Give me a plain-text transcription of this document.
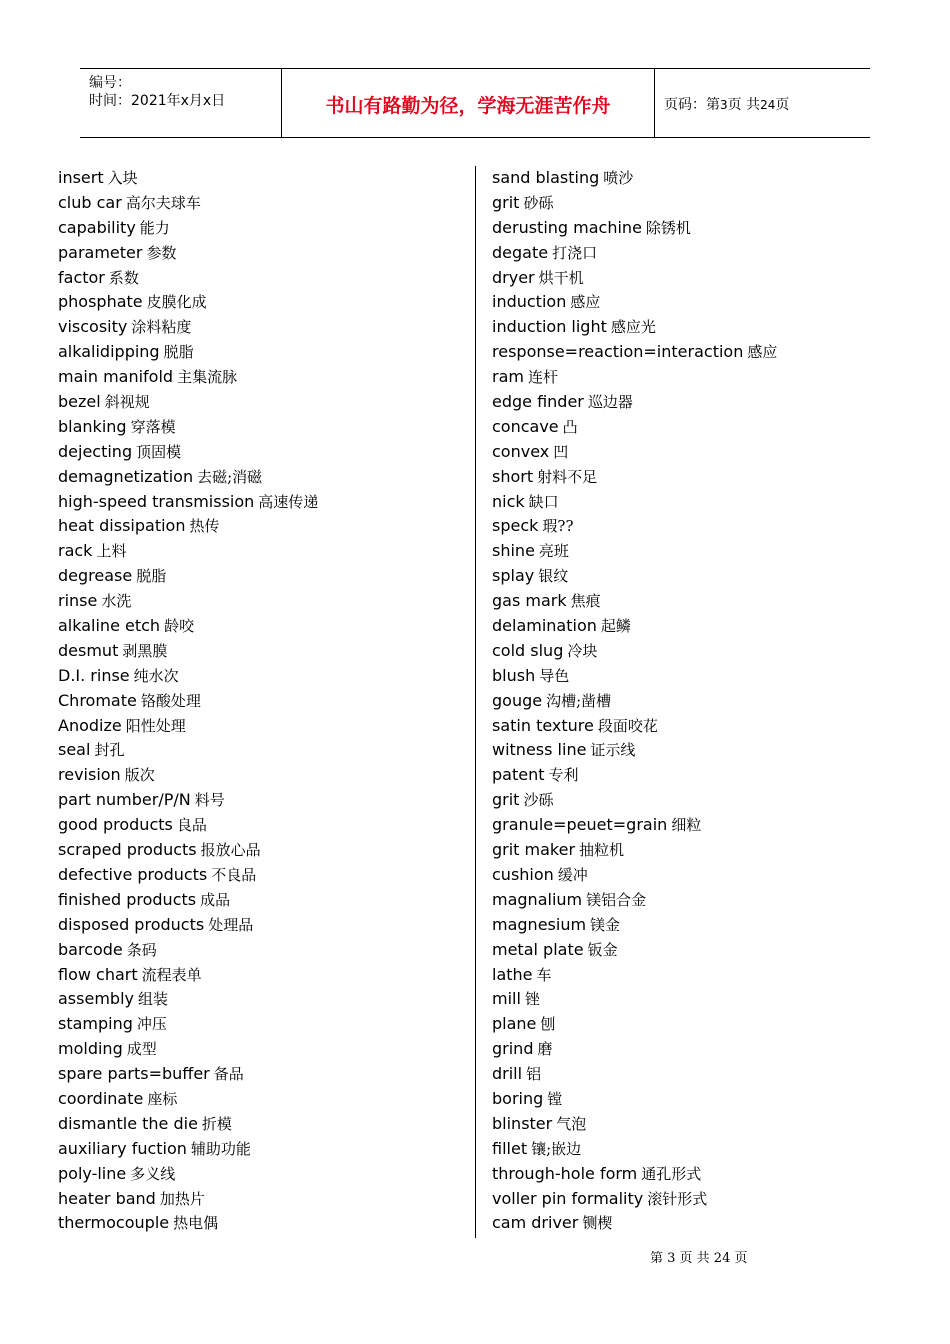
编号：
时间：2021年x月x日	书山有路勤为径，学海无涯苦作舟	页码：第3页 共24页
insert 入块
club car 高尔夫球车
capability 能力
parameter 参数
factor 系数
phosphate 皮膜化成
viscosity 涂料粘度
alkalidipping 脱脂
main manifold 主集流脉
bezel 斜视规
blanking 穿落模
dejecting 顶固模
demagnetization 去磁;消磁
high-speed transmission 高速传递
heat dissipation 热传
rack 上料
degrease 脱脂
rinse 水洗
alkaline etch 龄咬
desmut 剥黑膜
D.I. rinse 纯水次
Chromate 铬酸处理
Anodize 阳性处理
seal 封孔
revision 版次
part number/P/N 料号
good products 良品
scraped products 报放心品
defective products 不良品
finished products 成品
disposed products 处理品
barcode 条码
flow chart 流程表单
assembly 组装
stamping 冲压
molding 成型
spare parts=buffer 备品
coordinate 座标
dismantle the die 折模
auxiliary fuction 辅助功能
poly-line 多义线
heater band 加热片
thermocouple 热电偶
sand blasting 喷沙
grit 砂砾
derusting machine 除锈机
degate 打浇口
dryer 烘干机
induction 感应
induction light 感应光
response=reaction=interaction 感应
ram 连杆
edge finder 巡边器
concave 凸
convex 凹
short 射料不足
nick 缺口
speck 瑕??
shine 亮班
splay 银纹
gas mark 焦痕
delamination 起鳞
cold slug 冷块
blush 导色
gouge 沟槽;凿槽
satin texture 段面咬花
witness line 证示线
patent 专利
grit 沙砾
granule=peuet=grain 细粒
grit maker 抽粒机
cushion 缓冲
magnalium 镁铝合金
magnesium 镁金
metal plate 钣金
lathe 车
mill 锉
plane 刨
grind 磨
drill 铝
boring 镗
blinster 气泡
fillet 镶;嵌边
through-hole form 通孔形式
voller pin formality 滚针形式
cam driver 铡楔
第 3 页 共 24 页
